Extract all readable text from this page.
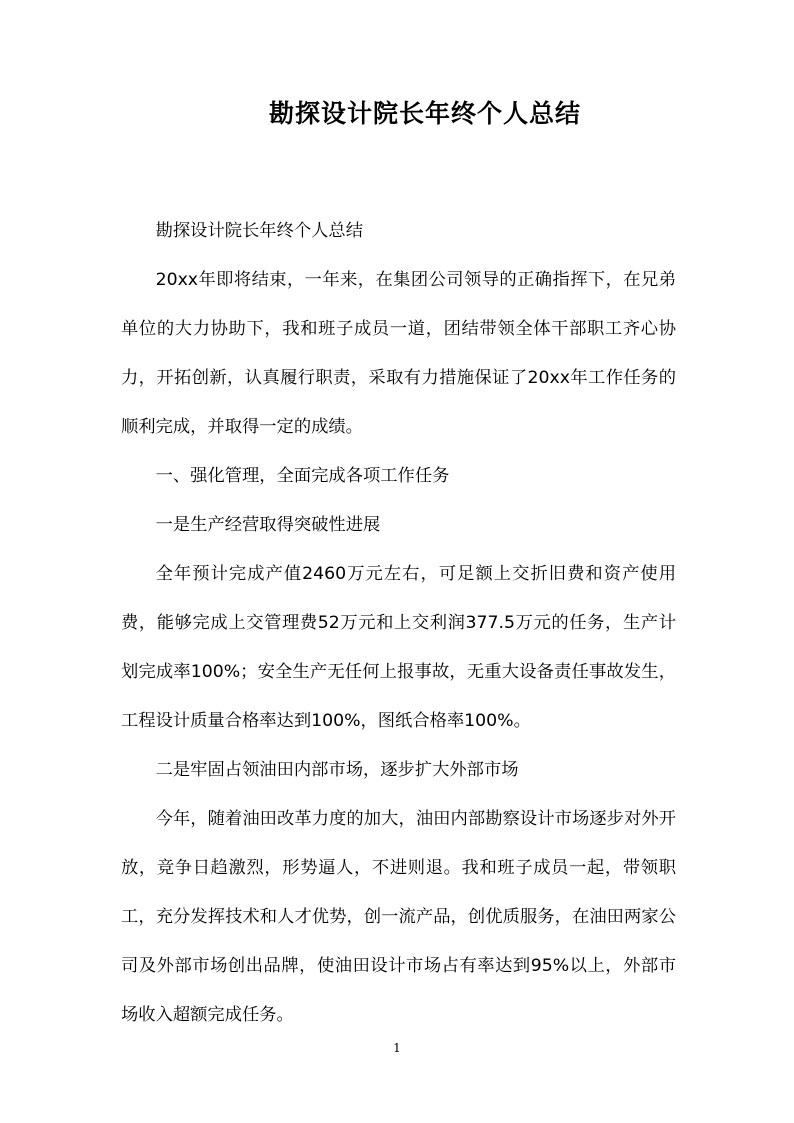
勘探设计院长年终个人总结

勘探设计院长年终个人总结

20xx年即将结束，一年来，在集团公司领导的正确指挥下，在兄弟单位的大力协助下，我和班子成员一道，团结带领全体干部职工齐心协力，开拓创新，认真履行职责，采取有力措施保证了20xx年工作任务的顺利完成，并取得一定的成绩。

一、强化管理，全面完成各项工作任务

一是生产经营取得突破性进展

全年预计完成产值2460万元左右，可足额上交折旧费和资产使用费，能够完成上交管理费52万元和上交利润377.5万元的任务，生产计划完成率100%；安全生产无任何上报事故，无重大设备责任事故发生，工程设计质量合格率达到100%，图纸合格率100%。

二是牢固占领油田内部市场，逐步扩大外部市场

今年，随着油田改革力度的加大，油田内部勘察设计市场逐步对外开放，竞争日趋激烈，形势逼人，不进则退。我和班子成员一起，带领职工，充分发挥技术和人才优势，创一流产品，创优质服务，在油田两家公司及外部市场创出品牌，使油田设计市场占有率达到95%以上，外部市场收入超额完成任务。

1
